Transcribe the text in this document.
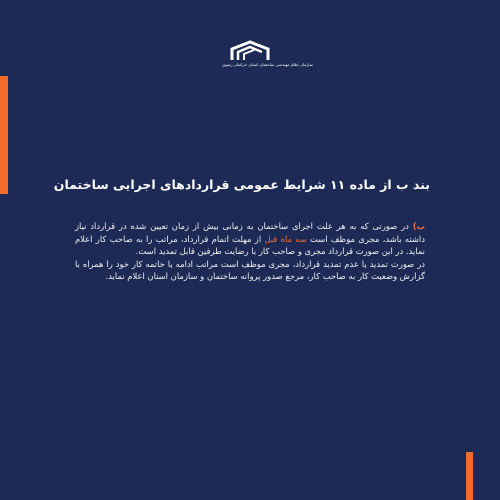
سازمان نظام مهندسی ساختمان استان خراسان رضوی
بند ب از ماده ۱۱ شرایط عمومی قراردادهای اجرایی ساختمان

ب) در صورتی که به هر علت اجرای ساختمان به زمانی بیش از زمان تعیین شده در قرارداد نیاز داشته باشد، مجری موظف است سه ماه قبل از مهلت اتمام قرارداد، مراتب را به صاحب کار اعلام نماید. در این صورت قرارداد مجری و صاحب کار با رضایت طرفین قابل تمدید است.

در صورت تمدید یا عدم تمدید قرارداد، مجری موظف است مراتب ادامه یا خاتمه کار خود را همراه با گزارش وضعیت کار به صاحب کار، مرجع صدور پروانه ساختمان و سازمان استان اعلام نماید.
